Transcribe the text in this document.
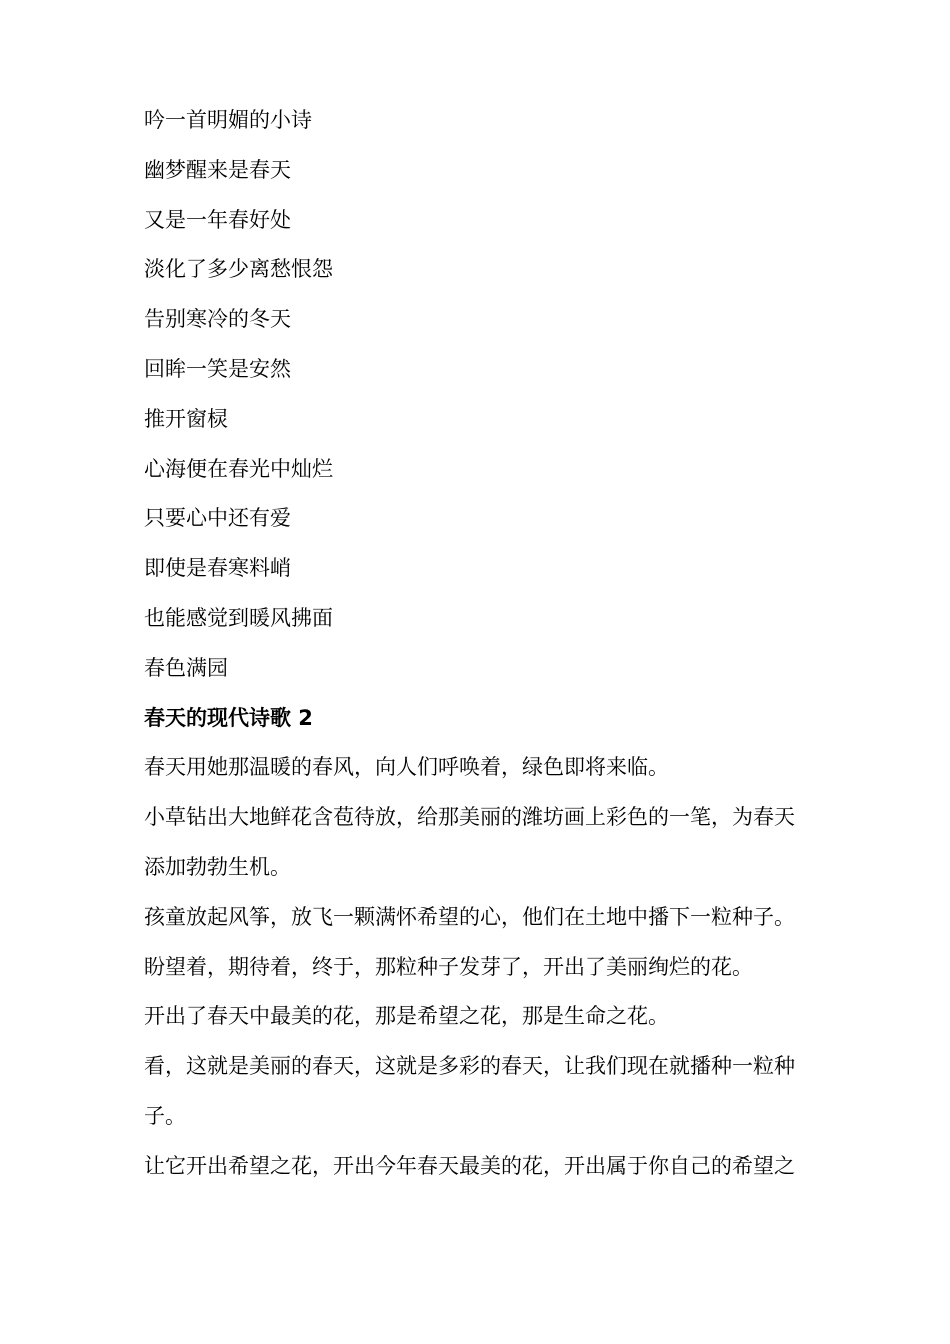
吟一首明媚的小诗

幽梦醒来是春天

又是一年春好处

淡化了多少离愁恨怨

告别寒冷的冬天

回眸一笑是安然

推开窗棂

心海便在春光中灿烂

只要心中还有爱

即使是春寒料峭

也能感觉到暖风拂面

春色满园

春天的现代诗歌 2

春天用她那温暖的春风，向人们呼唤着，绿色即将来临。

小草钻出大地鲜花含苞待放，给那美丽的潍坊画上彩色的一笔，为春天

添加勃勃生机。

孩童放起风筝，放飞一颗满怀希望的心，他们在土地中播下一粒种子。

盼望着，期待着，终于，那粒种子发芽了，开出了美丽绚烂的花。

开出了春天中最美的花，那是希望之花，那是生命之花。

看，这就是美丽的春天，这就是多彩的春天，让我们现在就播种一粒种

子。

让它开出希望之花，开出今年春天最美的花，开出属于你自己的希望之
